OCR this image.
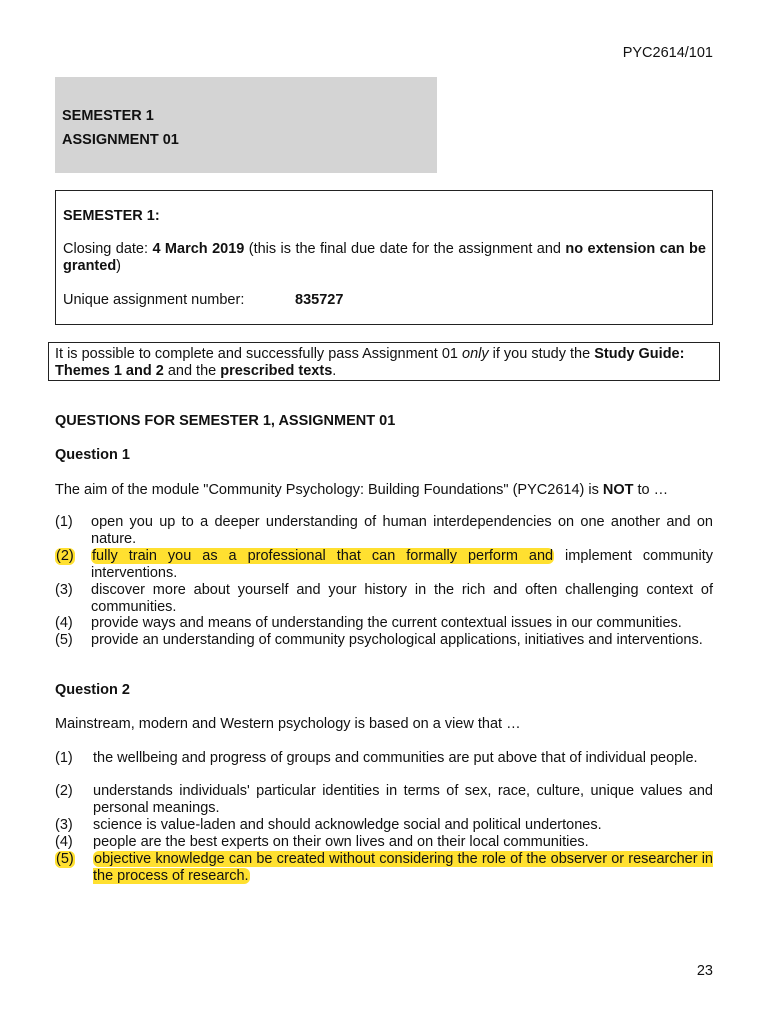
PYC2614/101
SEMESTER 1
ASSIGNMENT 01
SEMESTER 1:
Closing date: 4 March 2019 (this is the final due date for the assignment and no extension can be granted)
Unique assignment number:	835727
It is possible to complete and successfully pass Assignment 01 only if you study the Study Guide: Themes 1 and 2 and the prescribed texts.
QUESTIONS FOR SEMESTER 1, ASSIGNMENT 01
Question 1
The aim of the module "Community Psychology: Building Foundations" (PYC2614) is NOT to …
(1) open you up to a deeper understanding of human interdependencies on one another and on nature.
(2) fully train you as a professional that can formally perform and implement community interventions.
(3) discover more about yourself and your history in the rich and often challenging context of communities.
(4) provide ways and means of understanding the current contextual issues in our communities.
(5) provide an understanding of community psychological applications, initiatives and interventions.
Question 2
Mainstream, modern and Western psychology is based on a view that …
(1) the wellbeing and progress of groups and communities are put above that of individual people.
(2) understands individuals' particular identities in terms of sex, race, culture, unique values and personal meanings.
(3) science is value-laden and should acknowledge social and political undertones.
(4) people are the best experts on their own lives and on their local communities.
(5) objective knowledge can be created without considering the role of the observer or researcher in the process of research.
23
